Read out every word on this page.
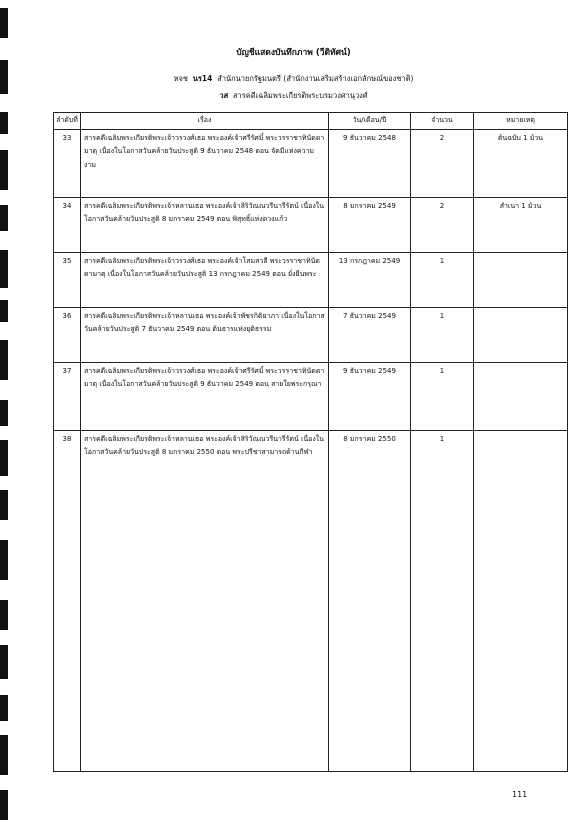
บัญชีแสดงบันทึกภาพ (วีดิทัศน์)
หจช นร14 สำนักนายกรัฐมนตรี (สำนักงานเสริมสร้างเอกลักษณ์ของชาติ)
วส สารคดีเฉลิมพระเกียรติพระบรมวงศานุวงศ์
ลำดับที่	เรื่อง	วัน/เดือน/ปี	จำนวน	หมายเหตุ
33	สารคดีเฉลิมพระเกียรติพระเจ้าวรวงศ์เธอ พระองค์เจ้าศรีรัศมิ์ พระวรราชาทินัดดามาตุ เนื่องในโอกาสวันคล้ายวันประสูติ 9 ธันวาคม 2548 ตอน จัดมีแห่งความงาม	9 ธันวาคม 2548	2	ต้นฉบับ 1 ม้วน
34	สารคดีเฉลิมพระเกียรติพระเจ้าหลานเธอ พระองค์เจ้าสิริวัณณวรีนารีรัตน์ เนื่องในโอกาสวันคล้ายวันประสูติ 8 มกราคม 2549 ตอน พิสุทธิ์แห่งดวงแก้ว	8 มกราคม 2549	2	สำเนา 1 ม้วน
35	สารคดีเฉลิมพระเกียรติพระเจ้าวรวงศ์เธอ พระองค์เจ้าโสมสวลี พระวรราชาทินัดดามาตุ เนื่องในโอกาสวันคล้ายวันประสูติ 13 กรกฎาคม 2549 ตอน ยั่งยืนพระ	13 กรกฎาคม 2549	1	
36	สารคดีเฉลิมพระเกียรติพระเจ้าหลานเธอ พระองค์เจ้าพัชรกิติยาภา เนื่องในโอกาสวันคล้ายวันประสูติ 7 ธันวาคม 2549 ตอน ต้นธารแห่งยุติธรรม	7 ธันวาคม 2549	1	
37	สารคดีเฉลิมพระเกียรติพระเจ้าวรวงศ์เธอ พระองค์เจ้าศรีรัศมิ์ พระวรราชาทินัดดามาตุ เนื่องในโอกาสวันคล้ายวันประสูติ 9 ธันวาคม 2549 ตอน สายใยพระกรุณา	9 ธันวาคม 2549	1	
38	สารคดีเฉลิมพระเกียรติพระเจ้าหลานเธอ พระองค์เจ้าสิริวัณณวรีนารีรัตน์ เนื่องในโอกาสวันคล้ายวันประสูติ 8 มกราคม 2550 ตอน พระปรีชาสามารถด้านกีฬา	8 มกราคม 2550	1	
111
